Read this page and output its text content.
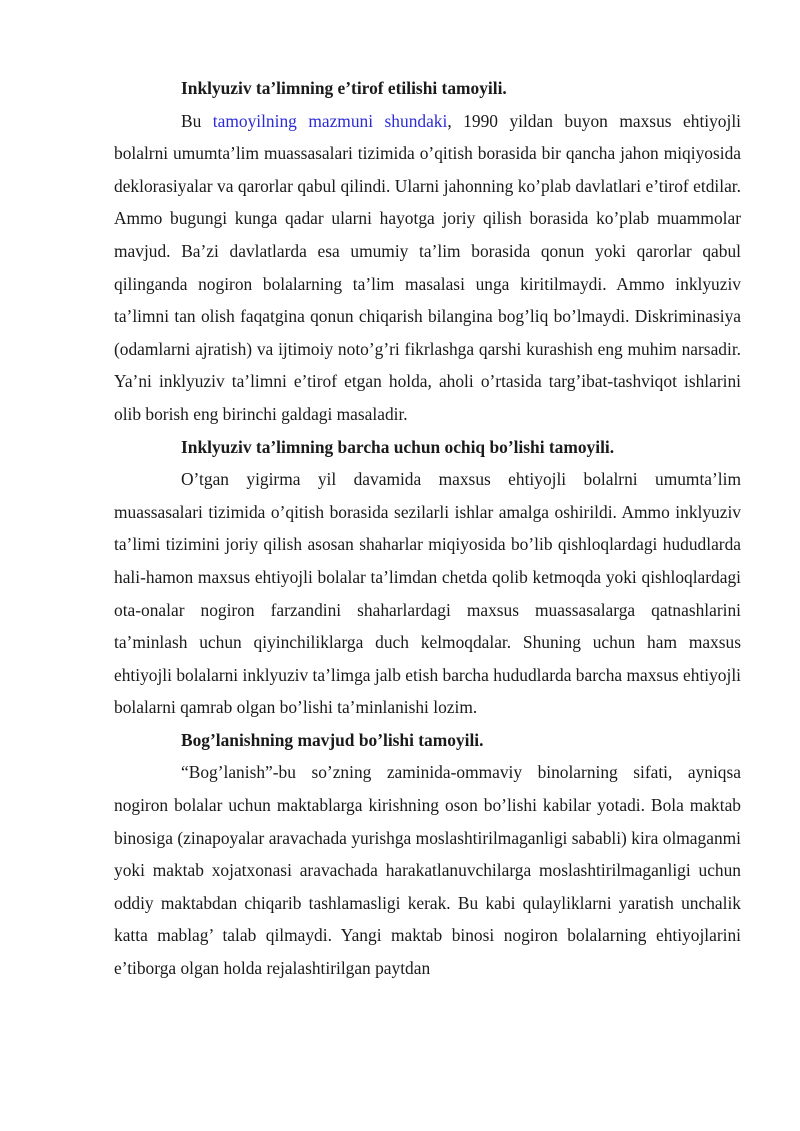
Inklyuziv ta’limning e’tirof etilishi tamoyili.

Bu tamoyilning mazmuni shundaki, 1990 yildan buyon maxsus ehtiyojli bolalrni umumta’lim muassasalari tizimida o’qitish borasida bir qancha jahon miqiyosida deklorasiyalar va qarorlar qabul qilindi. Ularni jahonning ko’plab davlatlari e’tirof etdilar. Ammo bugungi kunga qadar ularni hayotga joriy qilish borasida ko’plab muammolar mavjud. Ba’zi davlatlarda esa umumiy ta’lim borasida qonun yoki qarorlar qabul qilinganda nogiron bolalarning ta’lim masalasi unga kiritilmaydi. Ammo inklyuziv ta’limni tan olish faqatgina qonun chiqarish bilangina bog’liq bo’lmaydi. Diskriminasiya (odamlarni ajratish) va ijtimoiy noto’g’ri fikrlashga qarshi kurashish eng muhim narsadir. Ya’ni inklyuziv ta’limni e’tirof etgan holda, aholi o’rtasida targ’ibat-tashviqot ishlarini olib borish eng birinchi galdagi masaladir.

Inklyuziv ta’limning barcha uchun ochiq bo’lishi tamoyili.

O’tgan yigirma yil davamida maxsus ehtiyojli bolalrni umumta’lim muassasalari tizimida o’qitish borasida sezilarli ishlar amalga oshirildi. Ammo inklyuziv ta’limi tizimini joriy qilish asosan shaharlar miqiyosida bo’lib qishloqlardagi hududlarda hali-hamon maxsus ehtiyojli bolalar ta’limdan chetda qolib ketmoqda yoki qishloqlardagi ota-onalar nogiron farzandini shaharlardagi maxsus muassasalarga qatnashlarini ta’minlash uchun qiyinchiliklarga duch kelmoqdalar. Shuning uchun ham maxsus ehtiyojli bolalarni inklyuziv ta’limga jalb etish barcha hududlarda barcha maxsus ehtiyojli bolalarni qamrab olgan bo’lishi ta’minlanishi lozim.

Bog’lanishning mavjud bo’lishi tamoyili.

“Bog’lanish”-bu so’zning zaminida-ommaviy binolarning sifati, ayniqsa nogiron bolalar uchun maktablarga kirishning oson bo’lishi kabilar yotadi. Bola maktab binosiga (zinapoyalar aravachada yurishga moslashtirilmaganligi sababli) kira olmaganmi yoki maktab xojatxonasi aravachada harakatlanuvchilarga moslashtirilmaganligi uchun oddiy maktabdan chiqarib tashlamasligi kerak. Bu kabi qulayliklarni yaratish unchalik katta mablag’ talab qilmaydi. Yangi maktab binosi nogiron bolalarning ehtiyojlarini e’tiborga olgan holda rejalashtirilgan paytdan
